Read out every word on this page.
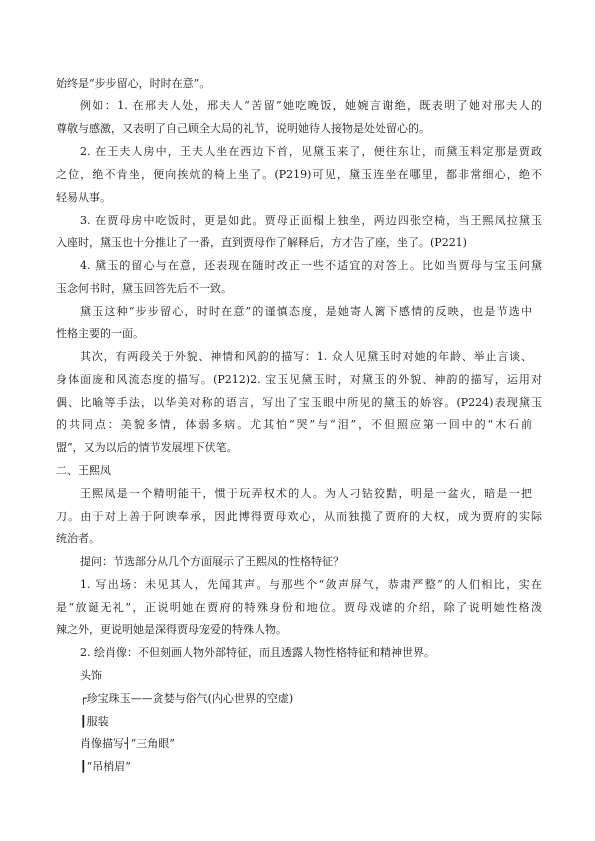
始终是“步步留心，时时在意”。
例如：1. 在邢夫人处，邢夫人“苦留”她吃晚饭，她婉言谢绝，既表明了她对邢夫人的
尊敬与感激，又表明了自己顾全大局的礼节，说明她待人接物是处处留心的。
2. 在王夫人房中，王夫人坐在西边下首，见黛玉来了，便往东让，而黛玉料定那是贾政
之位，绝不肯坐，便向挨炕的椅上坐了。(P219)可见，黛玉连坐在哪里，都非常细心，绝不
轻易从事。
3. 在贾母房中吃饭时，更是如此。贾母正面榻上独坐，两边四张空椅，当王熙凤拉黛玉
入座时，黛玉也十分推让了一番，直到贾母作了解释后，方才告了座，坐了。(P221)
4. 黛玉的留心与在意，还表现在随时改正一些不适宜的对答上。比如当贾母与宝玉问黛
玉念何书时，黛玉回答先后不一致。
黛玉这种“步步留心，时时在意”的谨慎态度，是她寄人篱下感情的反映，也是节选中
性格主要的一面。
其次，有两段关于外貌、神情和风韵的描写：1. 众人见黛玉时对她的年龄、举止言谈、
身体面庞和风流态度的描写。(P212)2. 宝玉见黛玉时，对黛玉的外貌、神韵的描写，运用对
偶、比喻等手法，以华美对称的语言，写出了宝玉眼中所见的黛玉的娇容。(P224)表现黛玉
的共同点：美貌多情，体弱多病。尤其怕“哭”与“泪”，不但照应第一回中的“木石前
盟”，又为以后的情节发展埋下伏笔。
二、王熙凤
王熙凤是一个精明能干，惯于玩弄权术的人。为人刁钻狡黠，明是一盆火，暗是一把
刀。由于对上善于阿谀奉承，因此博得贾母欢心，从而独揽了贾府的大权，成为贾府的实际
统治者。
提问：节选部分从几个方面展示了王熙凤的性格特征？
1. 写出场：未见其人，先闻其声。与那些个“敛声屏气，恭肃严整”的人们相比，实在
是“放诞无礼”，正说明她在贾府的特殊身份和地位。贾母戏谑的介绍，除了说明她性格泼
辣之外，更说明她是深得贾母宠爱的特殊人物。
2. 绘肖像：不但刻画人物外部特征，而且透露人物性格特征和精神世界。
头饰
┌珍宝珠玉——贪婪与俗气(内心世界的空虚)
┃服装
肖像描写┤“三角眼”
┃“吊梢眉”
